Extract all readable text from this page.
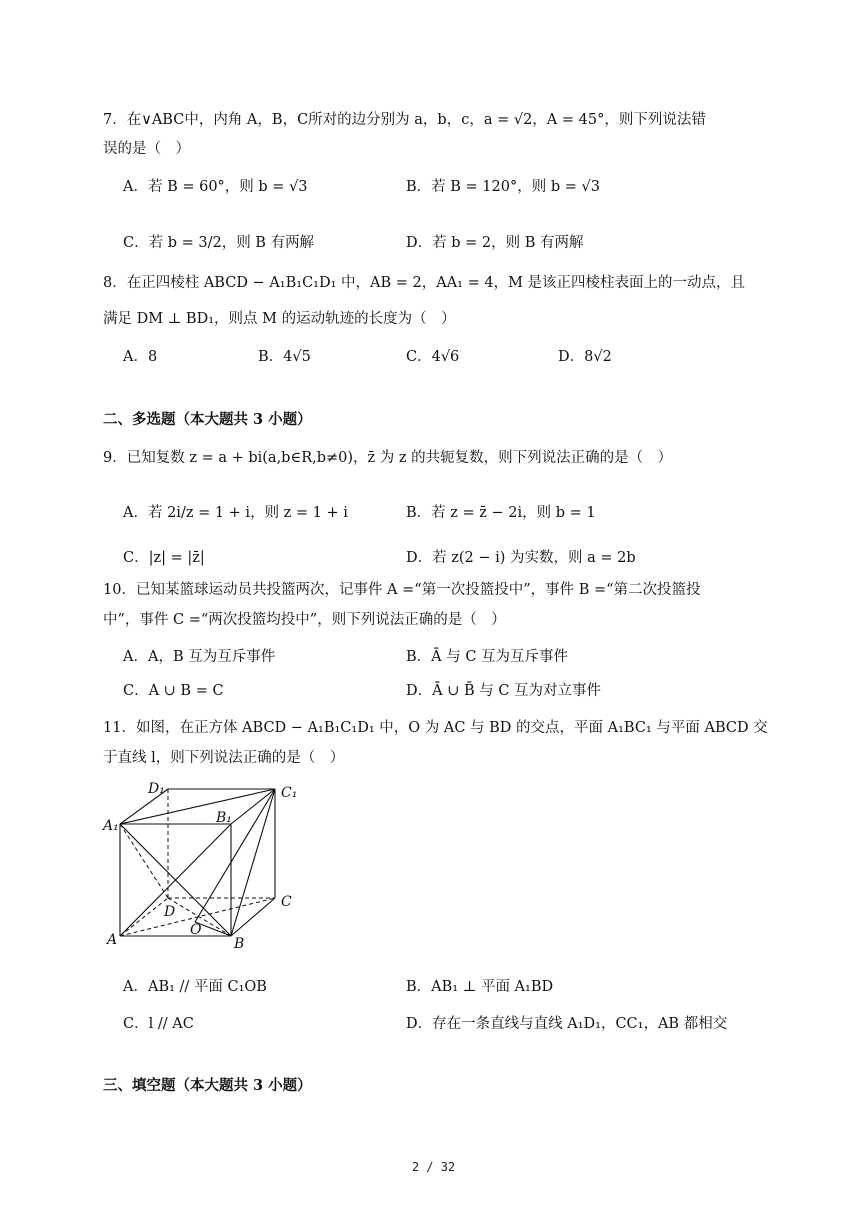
7．在∨ABC中，内角 A，B，C所对的边分别为 a，b，c，a = √2，A = 45°，则下列说法错
误的是（　）
A．若 B = 60°，则 b = √3	B．若 B = 120°，则 b = √3
C．若 b = 3/2，则 B 有两解	D．若 b = 2，则 B 有两解
8．在正四棱柱 ABCD − A₁B₁C₁D₁ 中，AB = 2，AA₁ = 4，M 是该正四棱柱表面上的一动点，且
满足 DM ⊥ BD₁，则点 M 的运动轨迹的长度为（　）
A．8	B．4√5	C．4√6	D．8√2
二、多选题（本大题共 3 小题）
9．已知复数 z = a + bi(a,b∈R,b≠0)，z̄ 为 z 的共轭复数，则下列说法正确的是（　）
A．若 2i/z = 1 + i，则 z = 1 + i	B．若 z = z̄ − 2i，则 b = 1
C．|z| = |z̄|	D．若 z(2 − i) 为实数，则 a = 2b
10．已知某篮球运动员共投篮两次，记事件 A =“第一次投篮投中”，事件 B =“第二次投篮投
中”，事件 C =“两次投篮均投中”，则下列说法正确的是（　）
A．A，B 互为互斥事件	B．Ā 与 C 互为互斥事件
C．A ∪ B = C	D．Ā ∪ B̄ 与 C 互为对立事件
11．如图，在正方体 ABCD − A₁B₁C₁D₁ 中，O 为 AC 与 BD 的交点，平面 A₁BC₁ 与平面 ABCD 交
于直线 l，则下列说法正确的是（　）
D₁	C₁
A₁	B₁
C
D
O
A	B
A．AB₁ // 平面 C₁OB	B．AB₁ ⊥ 平面 A₁BD
C．l // AC	D．存在一条直线与直线 A₁D₁，CC₁，AB 都相交
三、填空题（本大题共 3 小题）
2 / 32
